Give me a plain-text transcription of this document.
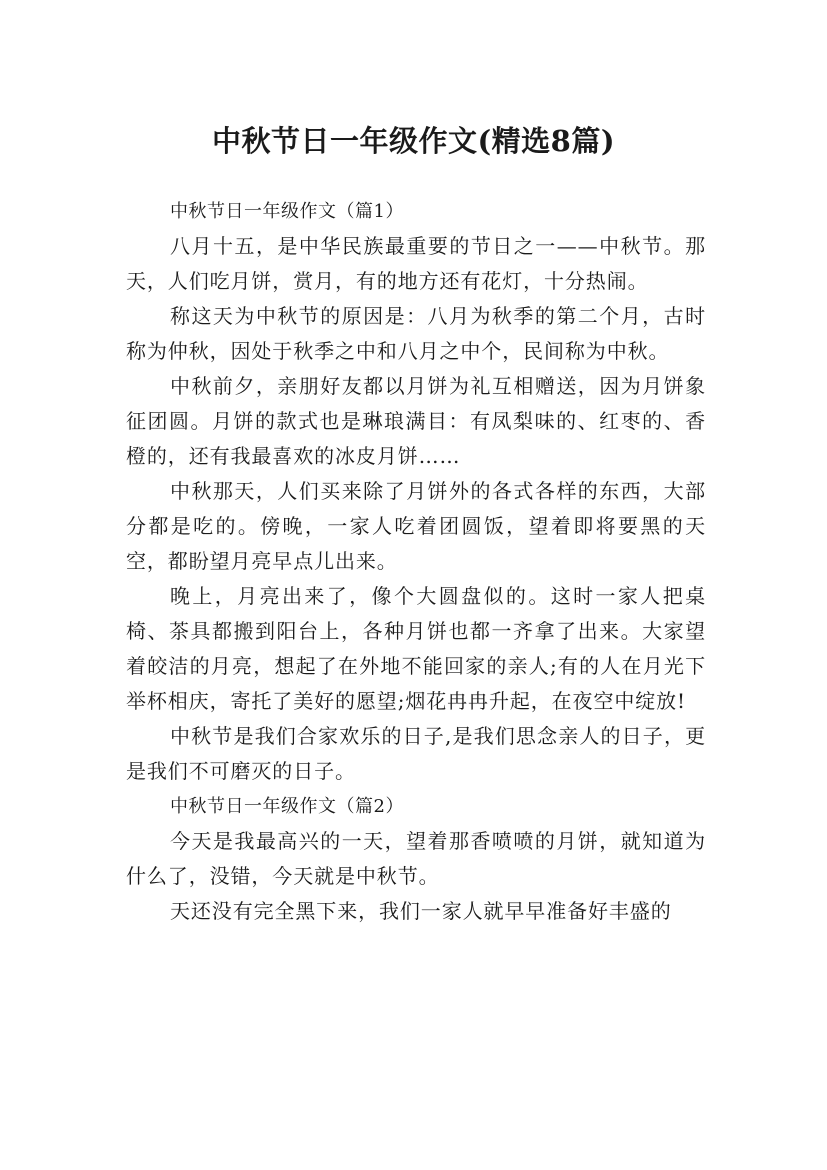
中秋节日一年级作文(精选8篇)
中秋节日一年级作文（篇1）

八月十五，是中华民族最重要的节日之一——中秋节。那天，人们吃月饼，赏月，有的地方还有花灯，十分热闹。

称这天为中秋节的原因是：八月为秋季的第二个月，古时称为仲秋，因处于秋季之中和八月之中个，民间称为中秋。

中秋前夕，亲朋好友都以月饼为礼互相赠送，因为月饼象征团圆。月饼的款式也是琳琅满目：有凤梨味的、红枣的、香橙的，还有我最喜欢的冰皮月饼……

中秋那天，人们买来除了月饼外的各式各样的东西，大部分都是吃的。傍晚，一家人吃着团圆饭，望着即将要黑的天空，都盼望月亮早点儿出来。

晚上，月亮出来了，像个大圆盘似的。这时一家人把桌椅、茶具都搬到阳台上，各种月饼也都一齐拿了出来。大家望着皎洁的月亮，想起了在外地不能回家的亲人;有的人在月光下举杯相庆，寄托了美好的愿望;烟花冉冉升起，在夜空中绽放!

中秋节是我们合家欢乐的日子,是我们思念亲人的日子，更是我们不可磨灭的日子。

中秋节日一年级作文（篇2）

今天是我最高兴的一天，望着那香喷喷的月饼，就知道为什么了，没错，今天就是中秋节。

天还没有完全黑下来，我们一家人就早早准备好丰盛的
